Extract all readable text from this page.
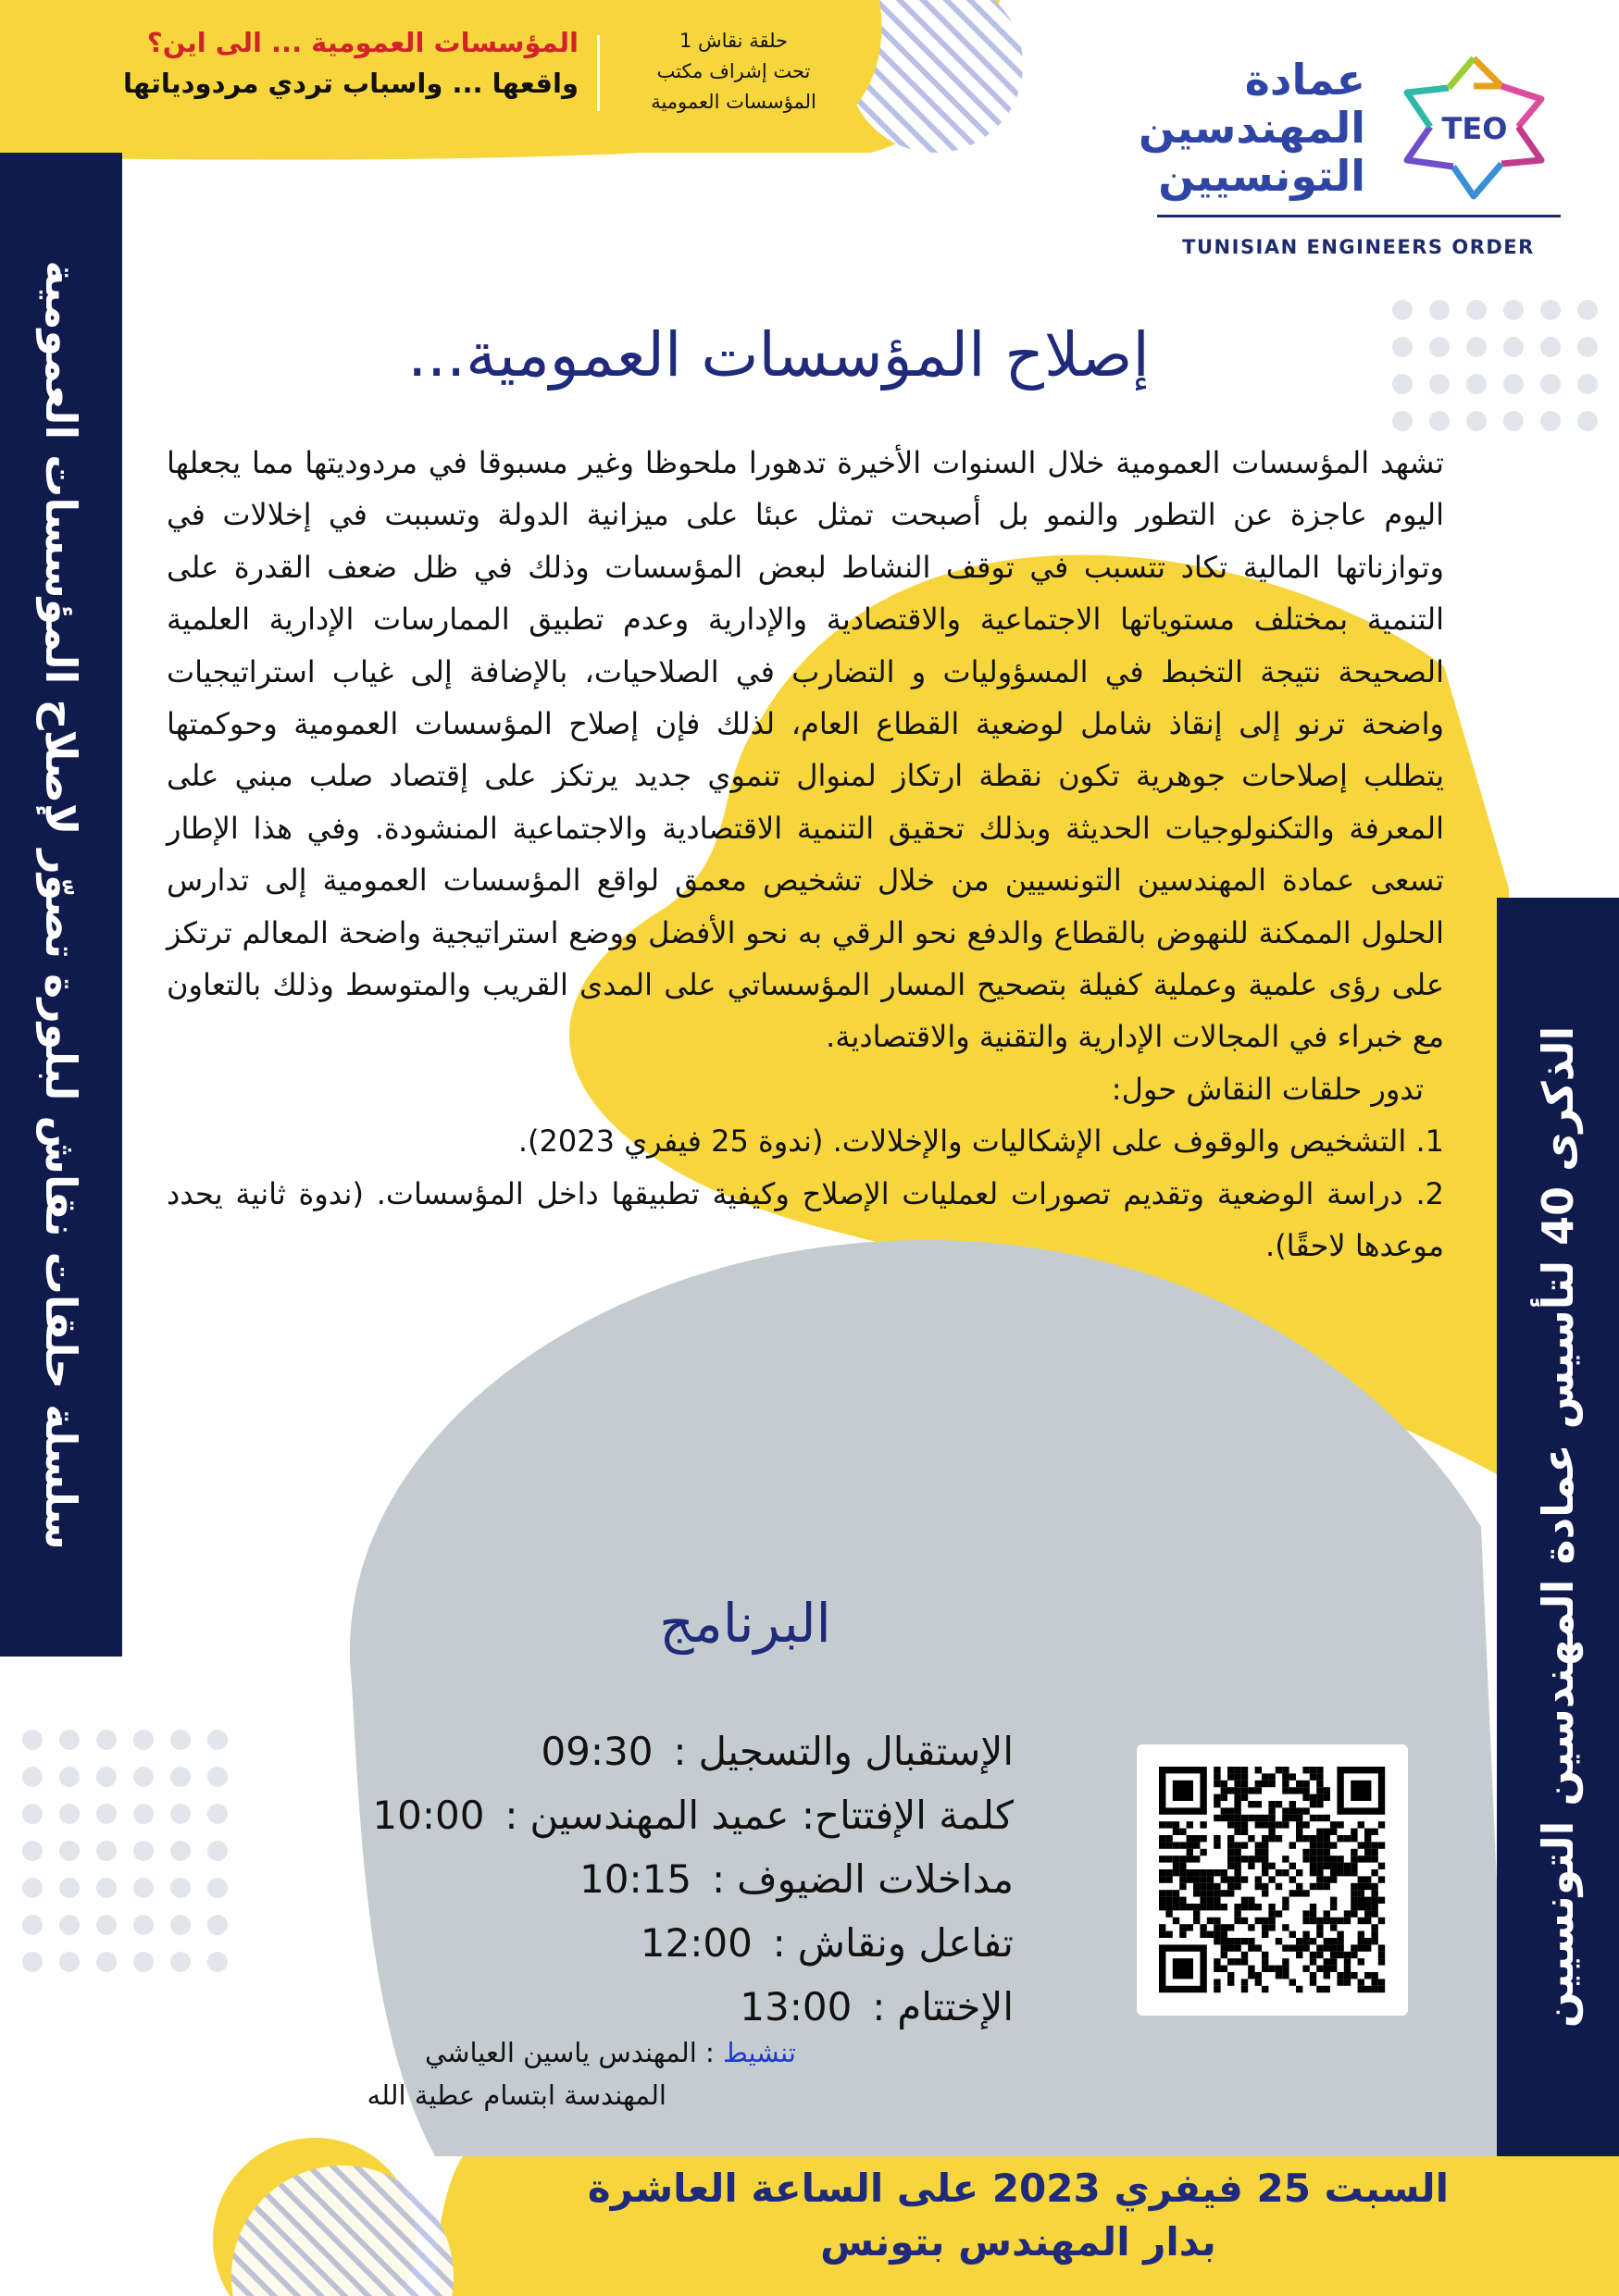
سلسلة حلقات نقاش لبلورة تصوّر لإصلاح المؤسسات العمومية
الذكرى 40 لتأسيس عمادة المهندسين التونسيين
المؤسسات العمومية ... الى اين؟
واقعها ... واسباب تردي مردودياتها
حلقة نقاش 1
تحت إشراف مكتب
المؤسسات العمومية
TEO
عمادة
المهندسين
التونسيين
TUNISIAN ENGINEERS ORDER
إصلاح المؤسسات العمومية...

تشهد المؤسسات العمومية خلال السنوات الأخيرة تدهورا ملحوظا وغير مسبوقا في مردوديتها مما يجعلها اليوم عاجزة عن التطور والنمو بل أصبحت تمثل عبئا على ميزانية الدولة وتسببت في إخلالات في وتوازناتها المالية تكاد تتسبب في توقف النشاط لبعض المؤسسات وذلك في ظل ضعف القدرة على التنمية بمختلف مستوياتها الاجتماعية والاقتصادية والإدارية وعدم تطبيق الممارسات الإدارية العلمية الصحيحة نتيجة التخبط في المسؤوليات و التضارب في الصلاحيات، بالإضافة إلى غياب استراتيجيات واضحة ترنو إلى إنقاذ شامل لوضعية القطاع العام، لذلك فإن إصلاح المؤسسات العمومية وحوكمتها يتطلب إصلاحات جوهرية تكون نقطة ارتكاز لمنوال تنموي جديد يرتكز على إقتصاد صلب مبني على المعرفة والتكنولوجيات الحديثة وبذلك تحقيق التنمية الاقتصادية والاجتماعية المنشودة. وفي هذا الإطار تسعى عمادة المهندسين التونسيين من خلال تشخيص معمق لواقع المؤسسات العمومية إلى تدارس الحلول الممكنة للنهوض بالقطاع والدفع نحو الرقي به نحو الأفضل ووضع استراتيجية واضحة المعالم ترتكز على رؤى علمية وعملية كفيلة بتصحيح المسار المؤسساتي على المدى القريب والمتوسط وذلك بالتعاون مع خبراء في المجالات الإدارية والتقنية والاقتصادية.

تدور حلقات النقاش حول:

1. التشخيص والوقوف على الإشكاليات والإخلالات. (ندوة 25 فيفري 2023).

2. دراسة الوضعية وتقديم تصورات لعمليات الإصلاح وكيفية تطبيقها داخل المؤسسات. (ندوة ثانية يحدد موعدها لاحقًا).

البرنامج
الإستقبال والتسجيل
:
09:30
كلمة الإفتتاح: عميد المهندسين
:
10:00
مداخلات الضيوف
:
10:15
تفاعل ونقاش
:
12:00
الإختتام
:
13:00
تنشيط : المهندس ياسين العياشي
المهندسة ابتسام عطية الله
السبت 25 فيفري 2023 على الساعة العاشرة
بدار المهندس بتونس
